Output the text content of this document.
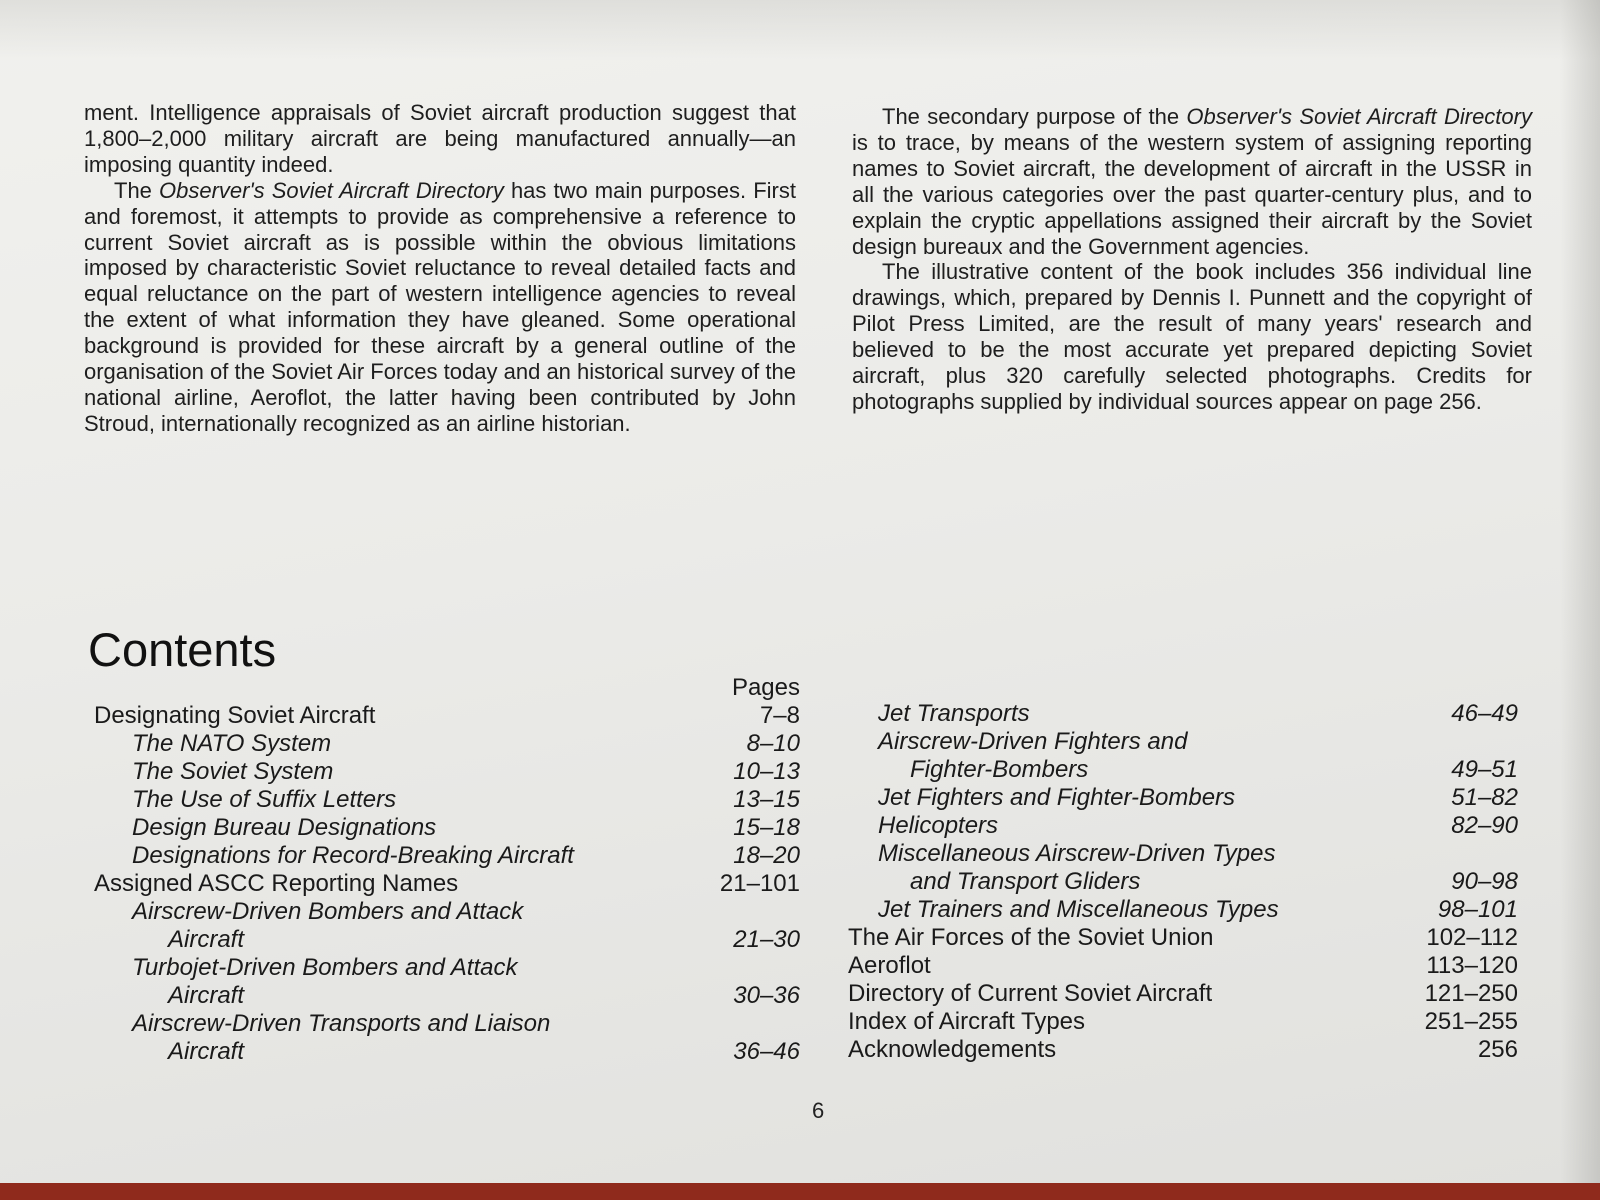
ment. Intelligence appraisals of Soviet aircraft production suggest that 1,800–2,000 military aircraft are being manufactured annually—an imposing quantity indeed.

The Observer's Soviet Aircraft Directory has two main purposes. First and foremost, it attempts to provide as comprehensive a reference to current Soviet aircraft as is possible within the obvious limitations imposed by characteristic Soviet reluctance to reveal detailed facts and equal reluctance on the part of western intelligence agencies to reveal the extent of what information they have gleaned. Some operational background is provided for these aircraft by a general outline of the organisation of the Soviet Air Forces today and an historical survey of the national airline, Aeroflot, the latter having been contributed by John Stroud, internationally recognized as an airline historian.

The secondary purpose of the Observer's Soviet Aircraft Directory is to trace, by means of the western system of assigning reporting names to Soviet aircraft, the development of aircraft in the USSR in all the various categories over the past quarter-century plus, and to explain the cryptic appellations assigned their aircraft by the Soviet design bureaux and the Government agencies.

The illustrative content of the book includes 356 individual line drawings, which, prepared by Dennis I. Punnett and the copyright of Pilot Press Limited, are the result of many years' research and believed to be the most accurate yet prepared depicting Soviet aircraft, plus 320 carefully selected photographs. Credits for photographs supplied by individual sources appear on page 256.

Contents
Pages
Designating Soviet Aircraft	7–8
The NATO System	8–10
The Soviet System	10–13
The Use of Suffix Letters	13–15
Design Bureau Designations	15–18
Designations for Record-Breaking Aircraft	18–20
Assigned ASCC Reporting Names	21–101
Airscrew-Driven Bombers and Attack
Aircraft	21–30
Turbojet-Driven Bombers and Attack
Aircraft	30–36
Airscrew-Driven Transports and Liaison
Aircraft	36–46
Jet Transports	46–49
Airscrew-Driven Fighters and
Fighter-Bombers	49–51
Jet Fighters and Fighter-Bombers	51–82
Helicopters	82–90
Miscellaneous Airscrew-Driven Types
and Transport Gliders	90–98
Jet Trainers and Miscellaneous Types	98–101
The Air Forces of the Soviet Union	102–112
Aeroflot	113–120
Directory of Current Soviet Aircraft	121–250
Index of Aircraft Types	251–255
Acknowledgements	256
6
